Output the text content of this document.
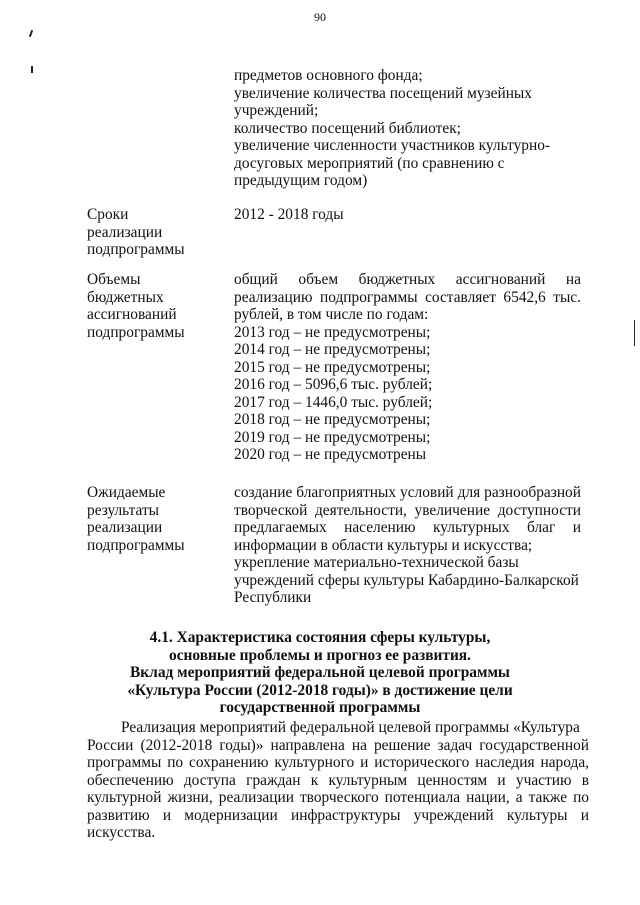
90
предметов основного фонда;
увеличение количества посещений музейных
учреждений;
количество посещений библиотек;
увеличение численности участников культурно-
досуговых мероприятий (по сравнению с
предыдущим годом)
Сроки
реализации
подпрограммы
2012 - 2018 годы
Объемы
бюджетных
ассигнований
подпрограммы
общий объем бюджетных ассигнований на
реализацию подпрограммы составляет 6542,6 тыс.
рублей, в том числе по годам:
2013 год – не предусмотрены;
2014 год – не предусмотрены;
2015 год – не предусмотрены;
2016 год – 5096,6 тыс. рублей;
2017 год – 1446,0 тыс. рублей;
2018 год – не предусмотрены;
2019 год – не предусмотрены;
2020 год – не предусмотрены
Ожидаемые
результаты
реализации
подпрограммы
создание благоприятных условий для разнообразной
творческой деятельности, увеличение доступности
предлагаемых населению культурных благ и
информации в области культуры и искусства;
укрепление материально-технической базы
учреждений сферы культуры Кабардино-Балкарской
Республики
4.1. Характеристика состояния сферы культуры,
основные проблемы и прогноз ее развития.
Вклад мероприятий федеральной целевой программы
«Культура России (2012-2018 годы)» в достижение цели
государственной программы
Реализация мероприятий федеральной целевой программы «Культура
России (2012-2018 годы)» направлена на решение задач государственной
программы по сохранению культурного и исторического наследия народа,
обеспечению доступа граждан к культурным ценностям и участию в
культурной жизни, реализации творческого потенциала нации, а также по
развитию и модернизации инфраструктуры учреждений культуры и
искусства.
